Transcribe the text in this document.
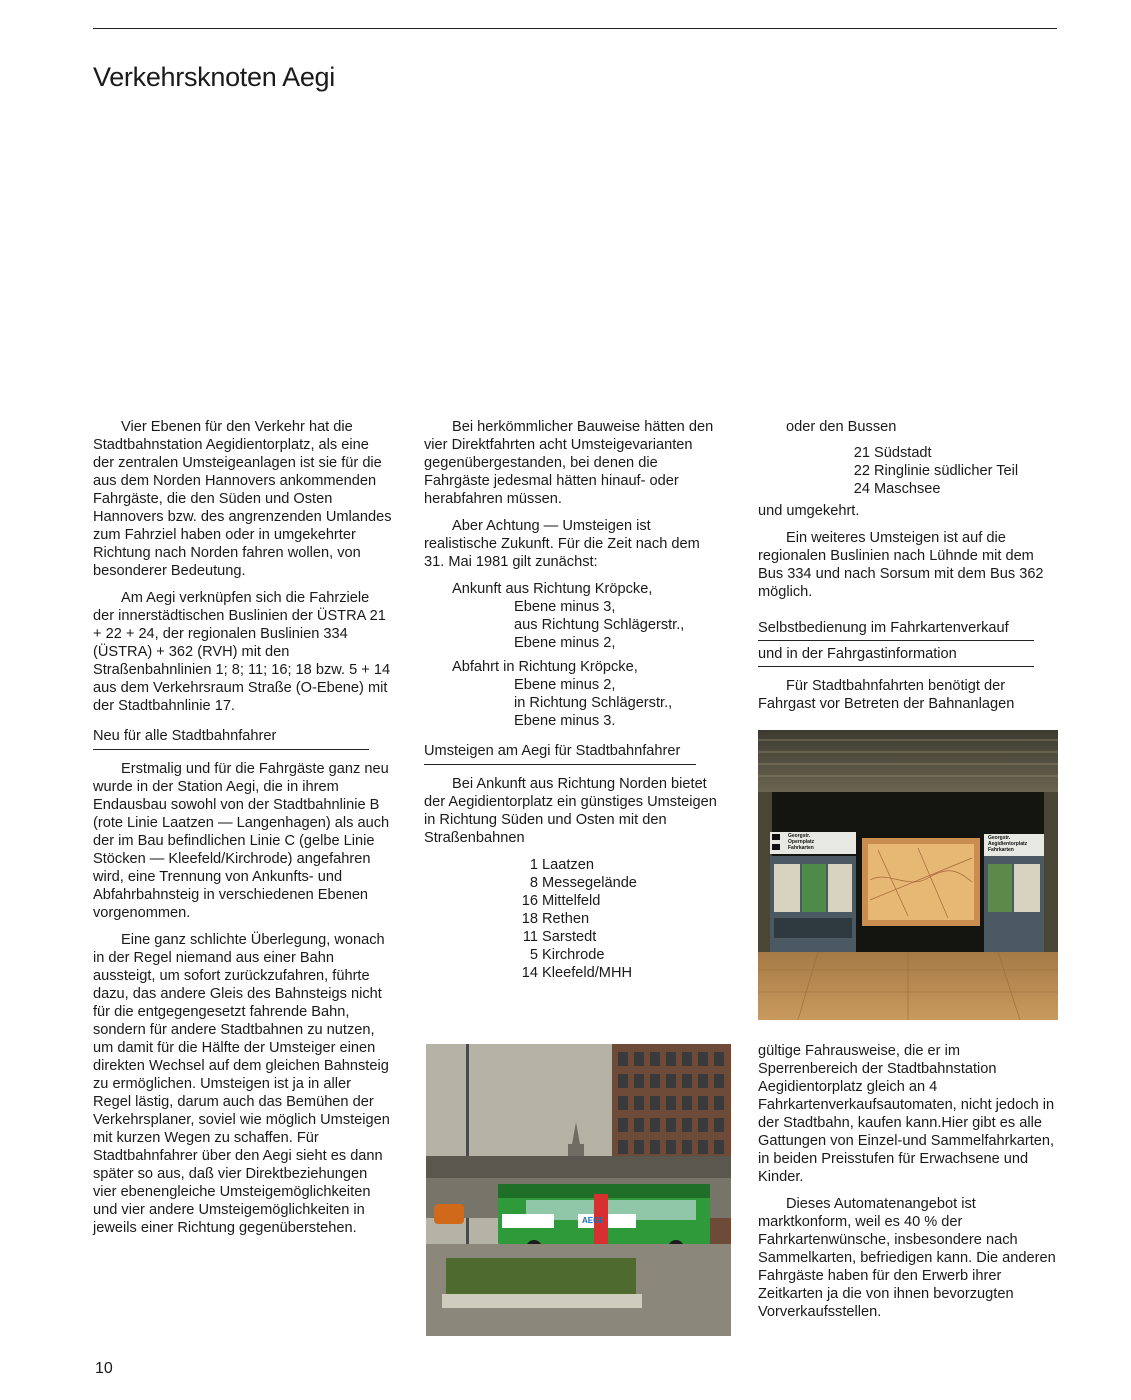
Verkehrsknoten Aegi

Vier Ebenen für den Verkehr hat die Stadtbahnstation Aegidientorplatz, als eine der zentralen Umsteigeanlagen ist sie für die aus dem Norden Hannovers ankommenden Fahrgäste, die den Süden und Osten Hannovers bzw. des angrenzenden Umlandes zum Fahrziel haben oder in umgekehrter Richtung nach Norden fahren wollen, von besonderer Bedeutung.

Am Aegi verknüpfen sich die Fahrziele der innerstädtischen Buslinien der ÜSTRA 21 + 22 + 24, der regionalen Buslinien 334 (ÜSTRA) + 362 (RVH) mit den Straßenbahnlinien 1; 8; 11; 16; 18 bzw. 5 + 14 aus dem Verkehrsraum Straße (O-Ebene) mit der Stadtbahnlinie 17.

Neu für alle Stadtbahnfahrer

Erstmalig und für die Fahrgäste ganz neu wurde in der Station Aegi, die in ihrem Endausbau sowohl von der Stadtbahnlinie B (rote Linie Laatzen — Langenhagen) als auch der im Bau befindlichen Linie C (gelbe Linie Stöcken — Kleefeld/Kirchrode) angefahren wird, eine Trennung von Ankunfts- und Abfahrbahnsteig in verschiedenen Ebenen vorgenommen.

Eine ganz schlichte Überlegung, wonach in der Regel niemand aus einer Bahn aussteigt, um sofort zurückzufahren, führte dazu, das andere Gleis des Bahnsteigs nicht für die entgegengesetzt fahrende Bahn, sondern für andere Stadtbahnen zu nutzen, um damit für die Hälfte der Umsteiger einen direkten Wechsel auf dem gleichen Bahnsteig zu ermöglichen. Umsteigen ist ja in aller Regel lästig, darum auch das Bemühen der Verkehrsplaner, soviel wie möglich Umsteigen mit kurzen Wegen zu schaffen. Für Stadtbahnfahrer über den Aegi sieht es dann später so aus, daß vier Direktbeziehungen vier ebenengleiche Umsteigemöglichkeiten und vier andere Umsteigemöglichkeiten in jeweils einer Richtung gegenüberstehen.

Bei herkömmlicher Bauweise hätten den vier Direktfahrten acht Umsteigevarianten gegenübergestanden, bei denen die Fahrgäste jedesmal hätten hinauf- oder herabfahren müssen.

Aber Achtung — Umsteigen ist realistische Zukunft. Für die Zeit nach dem 31. Mai 1981 gilt zunächst:

Ankunft aus Richtung Kröpcke,
Ebene minus 3,
aus Richtung Schlägerstr.,
Ebene minus 2,
Abfahrt in Richtung Kröpcke,
Ebene minus 2,
in Richtung Schlägerstr.,
Ebene minus 3.
Umsteigen am Aegi für Stadtbahnfahrer

Bei Ankunft aus Richtung Norden bietet der Aegidientorplatz ein günstiges Umsteigen in Richtung Süden und Osten mit den Straßenbahnen

1 Laatzen
8 Messegelände
16 Mittelfeld
18 Rethen
11 Sarstedt
5 Kirchrode
14 Kleefeld/MHH
oder den Bussen
21 Südstadt
22 Ringlinie südlicher Teil
24 Maschsee
und umgekehrt.

Ein weiteres Umsteigen ist auf die regionalen Buslinien nach Lühnde mit dem Bus 334 und nach Sorsum mit dem Bus 362 möglich.

Selbstbedienung im Fahrkartenverkauf
und in der Fahrgastinformation

Für Stadtbahnfahrten benötigt der Fahrgast vor Betreten der Bahnanlagen

gültige Fahrausweise, die er im Sperrenbereich der Stadtbahnstation Aegidientorplatz gleich an 4 Fahrkartenverkaufsautomaten, nicht jedoch in der Stadtbahn, kaufen kann.Hier gibt es alle Gattungen von Einzel-und Sammelfahrkarten, in beiden Preisstufen für Erwachsene und Kinder.

Dieses Automatenangebot ist marktkonform, weil es 40 % der Fahrkartenwünsche, insbesondere nach Sammelkarten, befriedigen kann. Die anderen Fahrgäste haben für den Erwerb ihrer Zeitkarten ja die von ihnen bevorzugten Vorverkaufsstellen.

Georgstr.
Opernplatz
Fahrkarten
Georgstr.
Aegidientorplatz
Fahrkarten
AEGI
10
